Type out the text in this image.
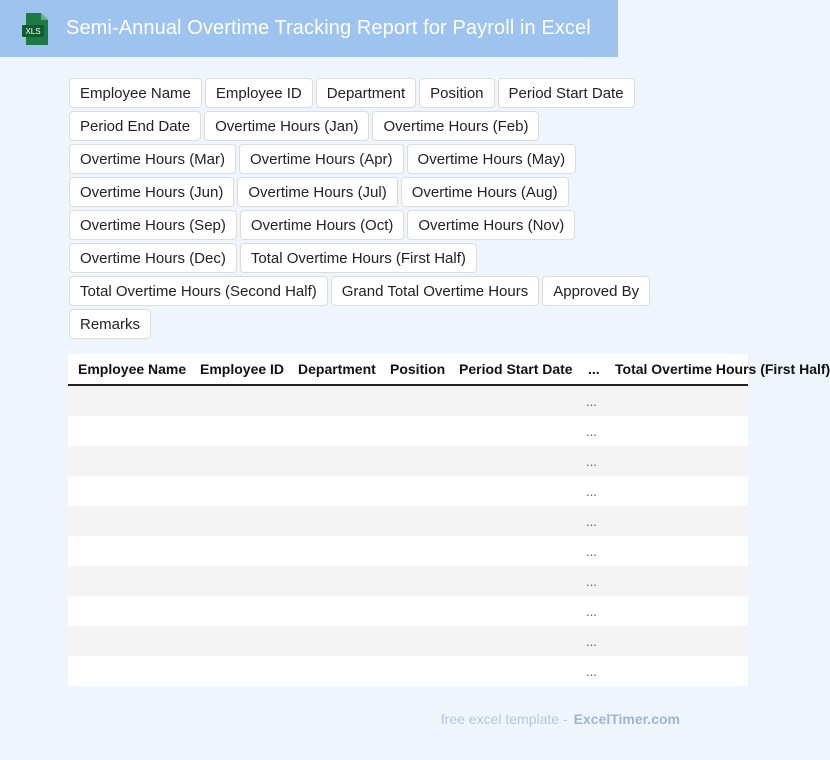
XLS Semi-Annual Overtime Tracking Report for Payroll in Excel
Employee Name	Employee ID	Department	Position	Period Start Date
Period End Date	Overtime Hours (Jan)	Overtime Hours (Feb)
Overtime Hours (Mar)	Overtime Hours (Apr)	Overtime Hours (May)
Overtime Hours (Jun)	Overtime Hours (Jul)	Overtime Hours (Aug)
Overtime Hours (Sep)	Overtime Hours (Oct)	Overtime Hours (Nov)
Overtime Hours (Dec)	Total Overtime Hours (First Half)
Total Overtime Hours (Second Half)	Grand Total Overtime Hours	Approved By
Remarks
Employee Name	Employee ID	Department	Position	Period Start Date	...	Total Overtime Hours (First Half)
					...	
					...	
					...	
					...	
					...	
					...	
					...	
					...	
					...	
					...	
free excel template - ExcelTimer.com
